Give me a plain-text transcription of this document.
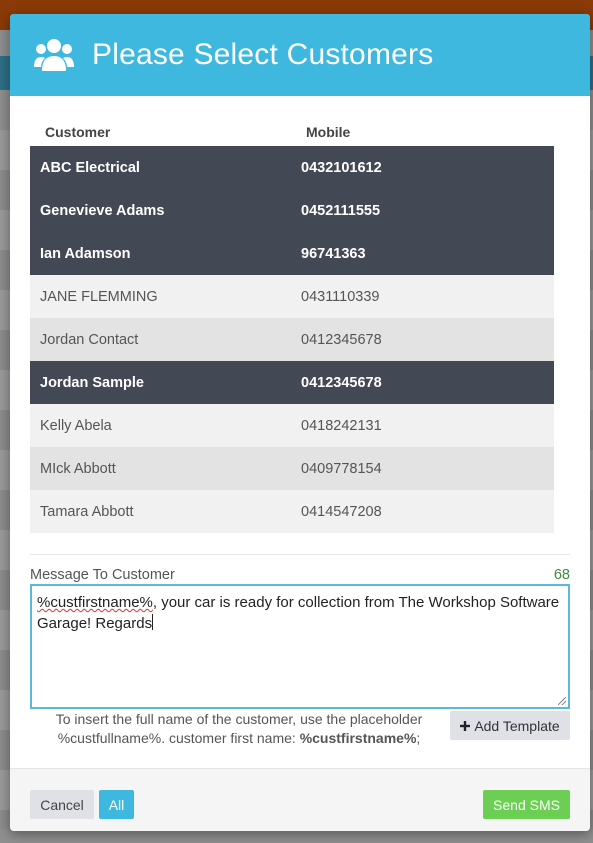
Please Select Customers
Customer	Mobile
ABC Electrical	0432101612
Genevieve Adams	0452111555
Ian Adamson	96741363
JANE FLEMMING	0431110339
Jordan Contact	0412345678
Jordan Sample	0412345678
Kelly Abela	0418242131
MIck Abbott	0409778154
Tamara Abbott	0414547208
Message To Customer	68
%custfirstname%, your car is ready for collection from The Workshop Software Garage! Regards
To insert the full name of the customer, use the placeholder %custfullname%. customer first name: %custfirstname%;
Add Template
Cancel	All	Send SMS
